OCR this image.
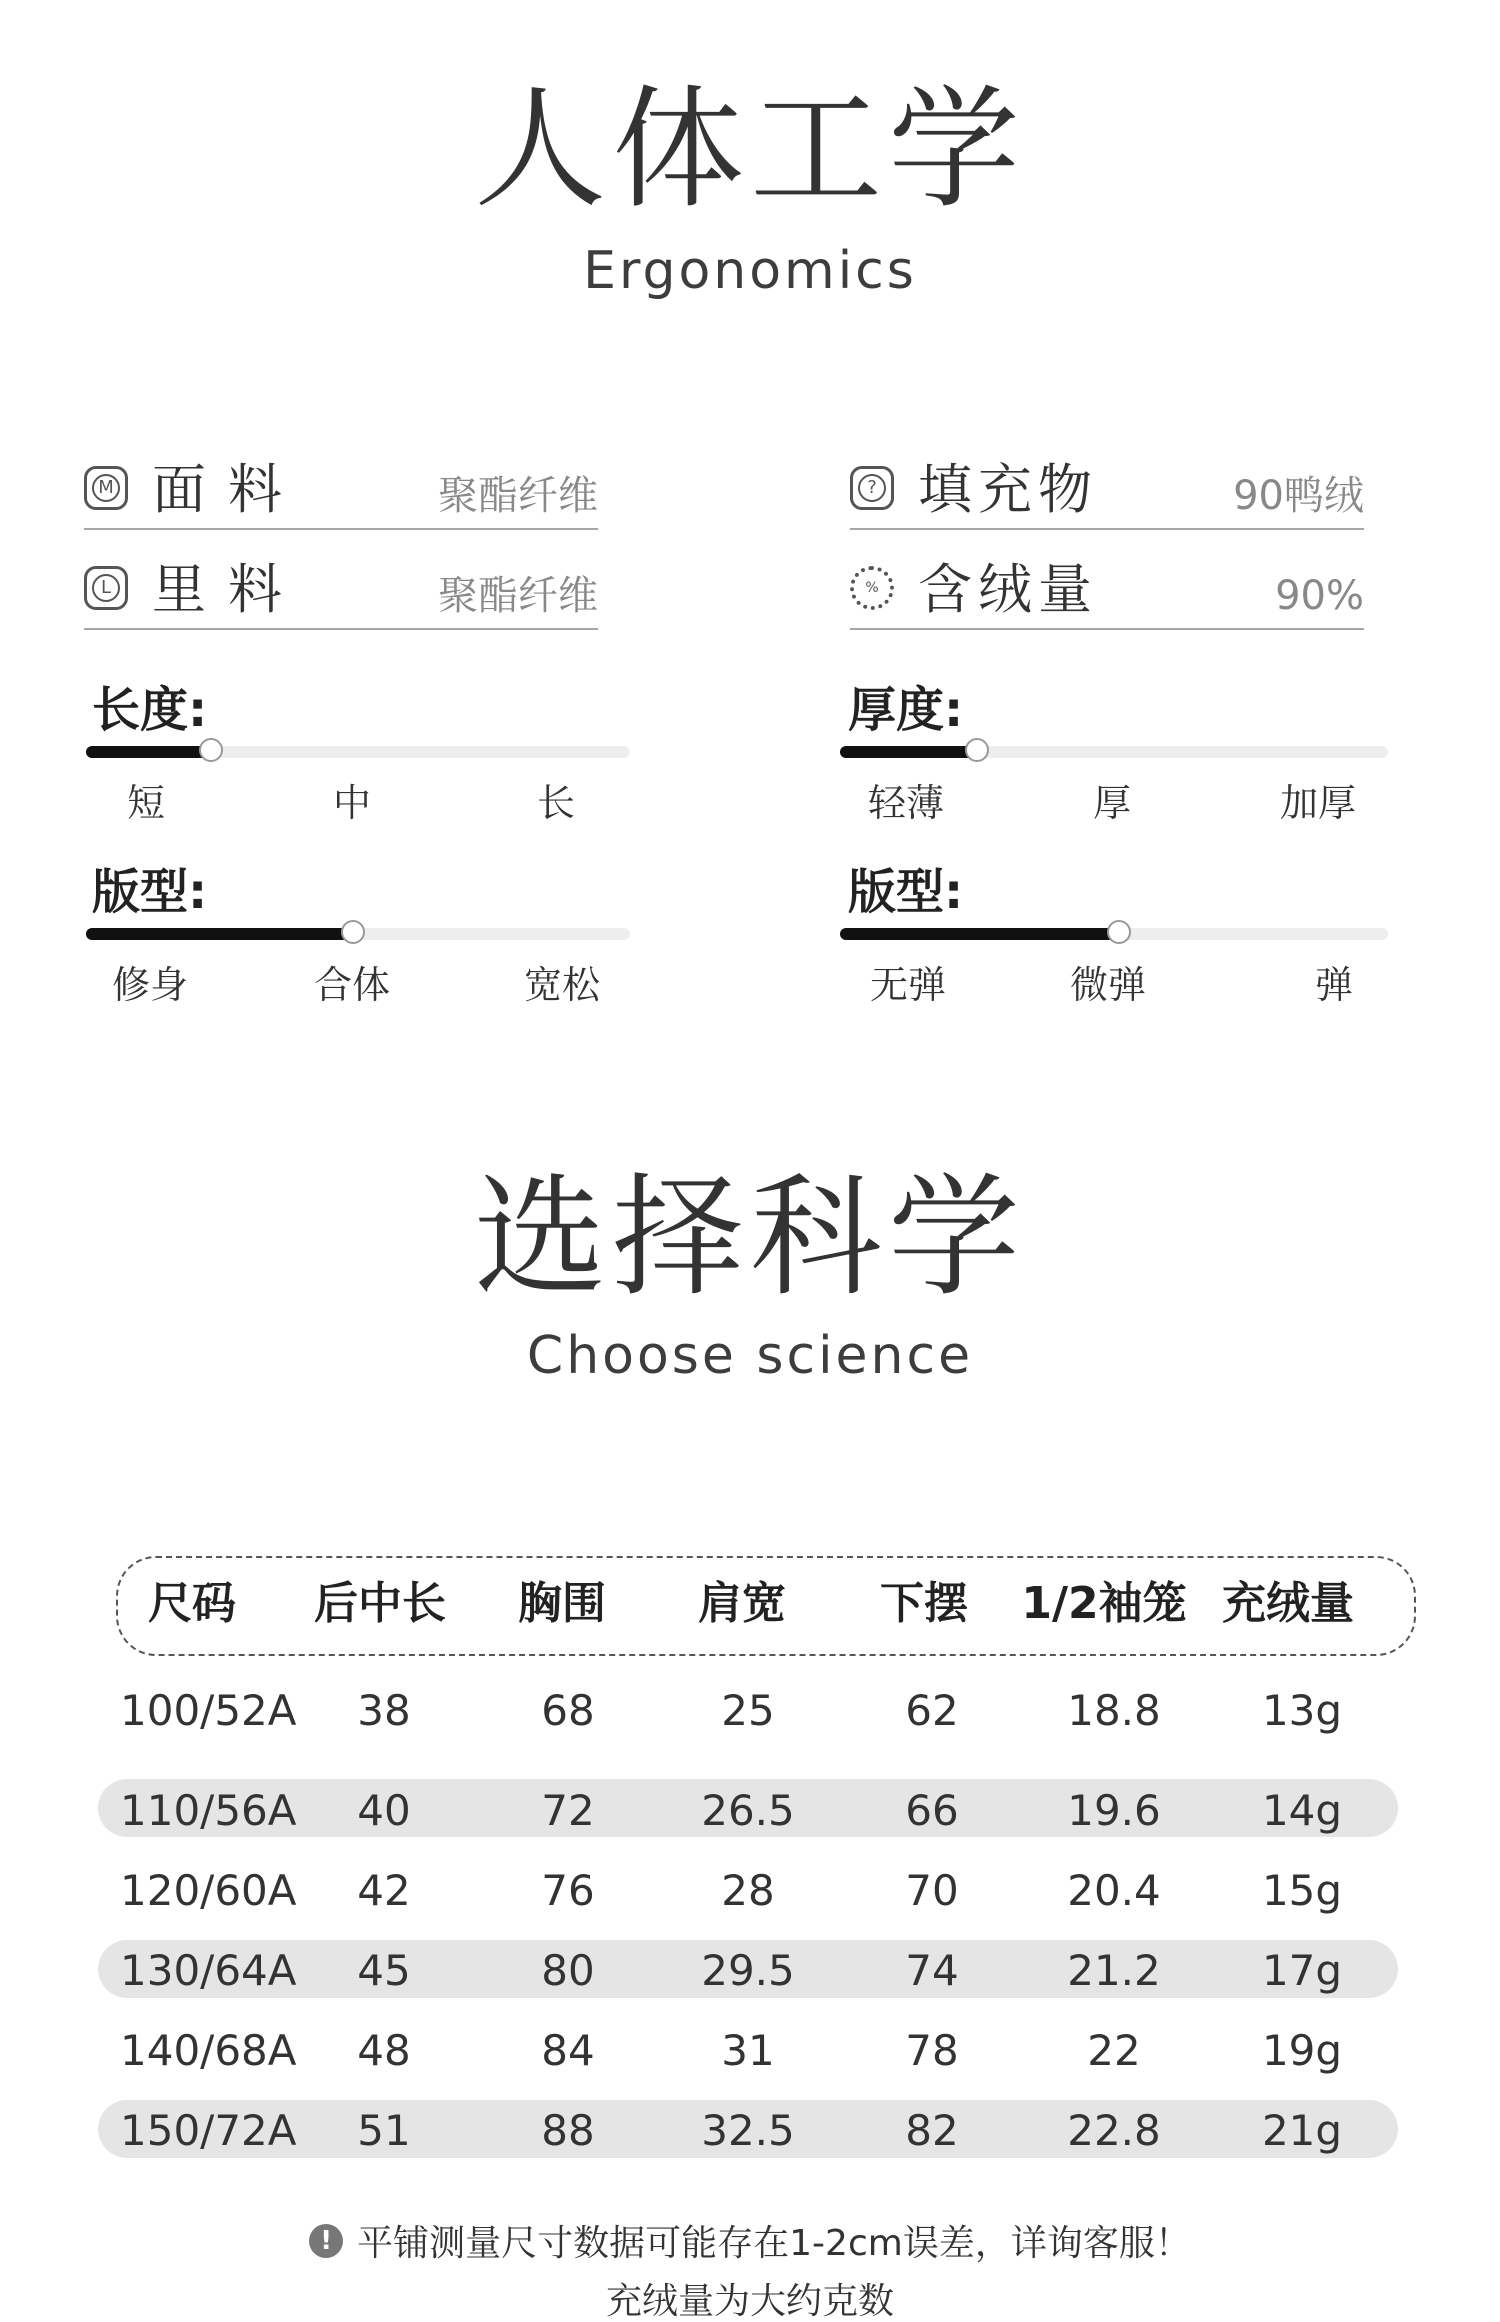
人体工学
Ergonomics
M 面料	聚酯纤维	? 填充物	90鸭绒
L 里料	聚酯纤维	% 含绒量	90%
长度:
短	中	长
厚度:
轻薄	厚	加厚
版型:
修身	合体	宽松
版型:
无弹	微弹	弹
选择科学
Choose science
尺码 后中长 胸围 肩宽 下摆 1/2袖笼 充绒量
100/52A 38	68	25	62	18.8 13g
110/56A 40	72	26.5	66	19.6 14g
120/60A 42	76	28	70	20.4 15g
130/64A 45	80	29.5	74	21.2 17g
140/68A 48	84	31	78	22	19g
150/72A 51	88	32.5	82	22.8 21g
! 平铺测量尺寸数据可能存在1-2cm误差，详询客服！
充绒量为大约克数
